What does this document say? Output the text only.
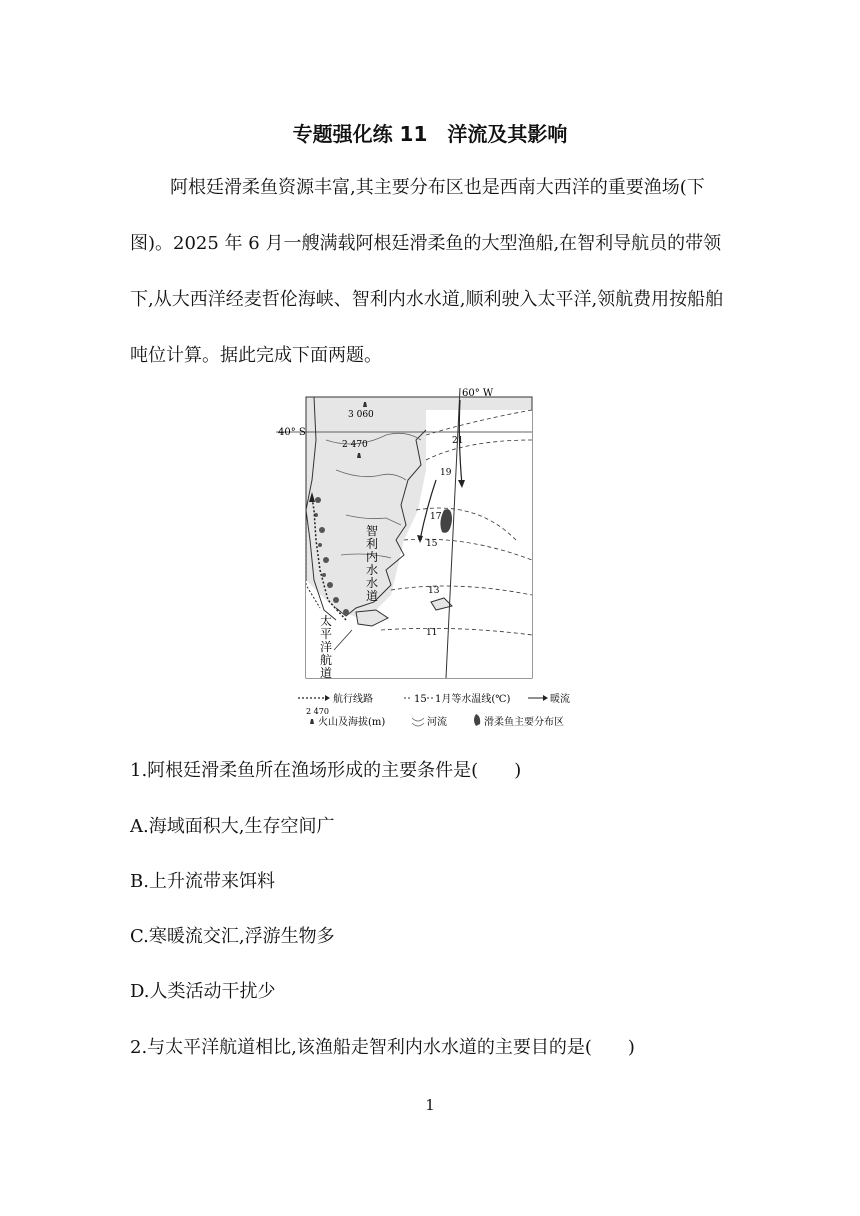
专题强化练 11　洋流及其影响
阿根廷滑柔鱼资源丰富,其主要分布区也是西南大西洋的重要渔场(下图)。2025 年 6 月一艘满载阿根廷滑柔鱼的大型渔船,在智利导航员的带领下,从大西洋经麦哲伦海峡、智利内水水道,顺利驶入太平洋,领航费用按船舶吨位计算。据此完成下面两题。
60° W
40° S
3 060
2 470	21
19
17
15
13
11
智
利
内
水
水
道
太
平
洋
航
道
航行线路	15 1月等水温线(℃)	暖流
2 470
火山及海拔(m)	河流	滑柔鱼主要分布区
1.阿根廷滑柔鱼所在渔场形成的主要条件是(　　)
A.海域面积大,生存空间广
B.上升流带来饵料
C.寒暖流交汇,浮游生物多
D.人类活动干扰少
2.与太平洋航道相比,该渔船走智利内水水道的主要目的是(　　)
1
